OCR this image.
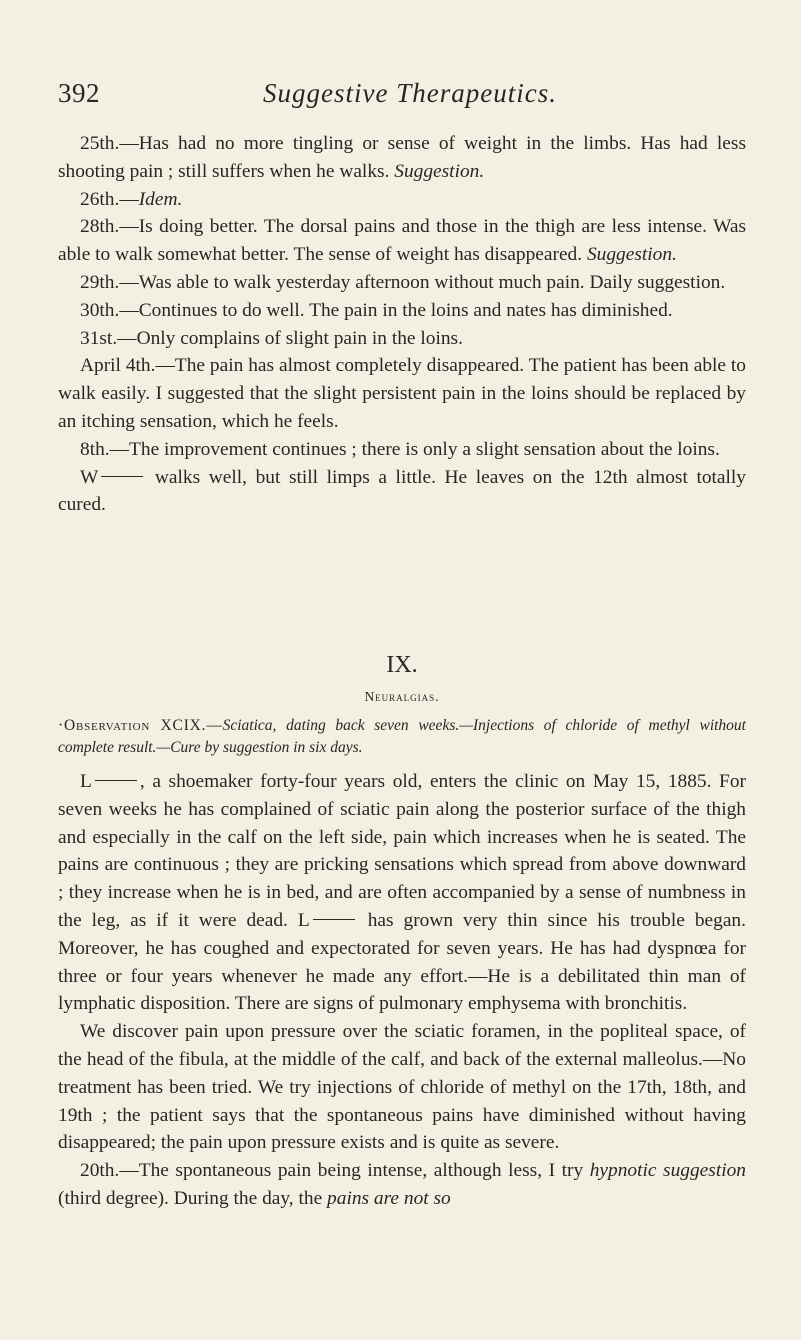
392	Suggestive Therapeutics.

25th.—Has had no more tingling or sense of weight in the limbs. Has had less shooting pain ; still suffers when he walks. Suggestion.

26th.—Idem.

28th.—Is doing better. The dorsal pains and those in the thigh are less intense. Was able to walk somewhat better. The sense of weight has disappeared. Suggestion.

29th.—Was able to walk yesterday afternoon without much pain. Daily suggestion.

30th.—Continues to do well. The pain in the loins and nates has diminished.

31st.—Only complains of slight pain in the loins.

April 4th.—The pain has almost completely disappeared. The patient has been able to walk easily. I suggested that the slight persistent pain in the loins should be replaced by an itching sensation, which he feels.

8th.—The improvement continues ; there is only a slight sensation about the loins.

W	walks well, but still limps a little. He leaves on the 12th almost totally cured.

IX.
Neuralgias.
·Observation XCIX.—Sciatica, dating back seven weeks.—Injections of chloride of methyl without complete result.—Cure by suggestion in six days.

L , a shoemaker forty-four years old, enters the clinic on May 15, 1885. For seven weeks he has complained of sciatic pain along the posterior surface of the thigh and especially in the calf on the left side, pain which increases when he is seated. The pains are continuous ; they are pricking sensations which spread from above downward ; they increase when he is in bed, and are often accompanied by a sense of numbness in the leg, as if it were dead. L	has grown very thin since his trouble began. Moreover, he has coughed and expectorated for seven years. He has had dyspnœa for three or four years whenever he made any effort.—He is a debilitated thin man of lymphatic disposition. There are signs of pulmonary emphysema with bronchitis.

We discover pain upon pressure over the sciatic foramen, in the popliteal space, of the head of the fibula, at the middle of the calf, and back of the external malleolus.—No treatment has been tried. We try injections of chloride of methyl on the 17th, 18th, and 19th ; the patient says that the spontaneous pains have diminished without having disappeared; the pain upon pressure exists and is quite as severe.

20th.—The spontaneous pain being intense, although less, I try hypnotic suggestion (third degree). During the day, the pains are not so
